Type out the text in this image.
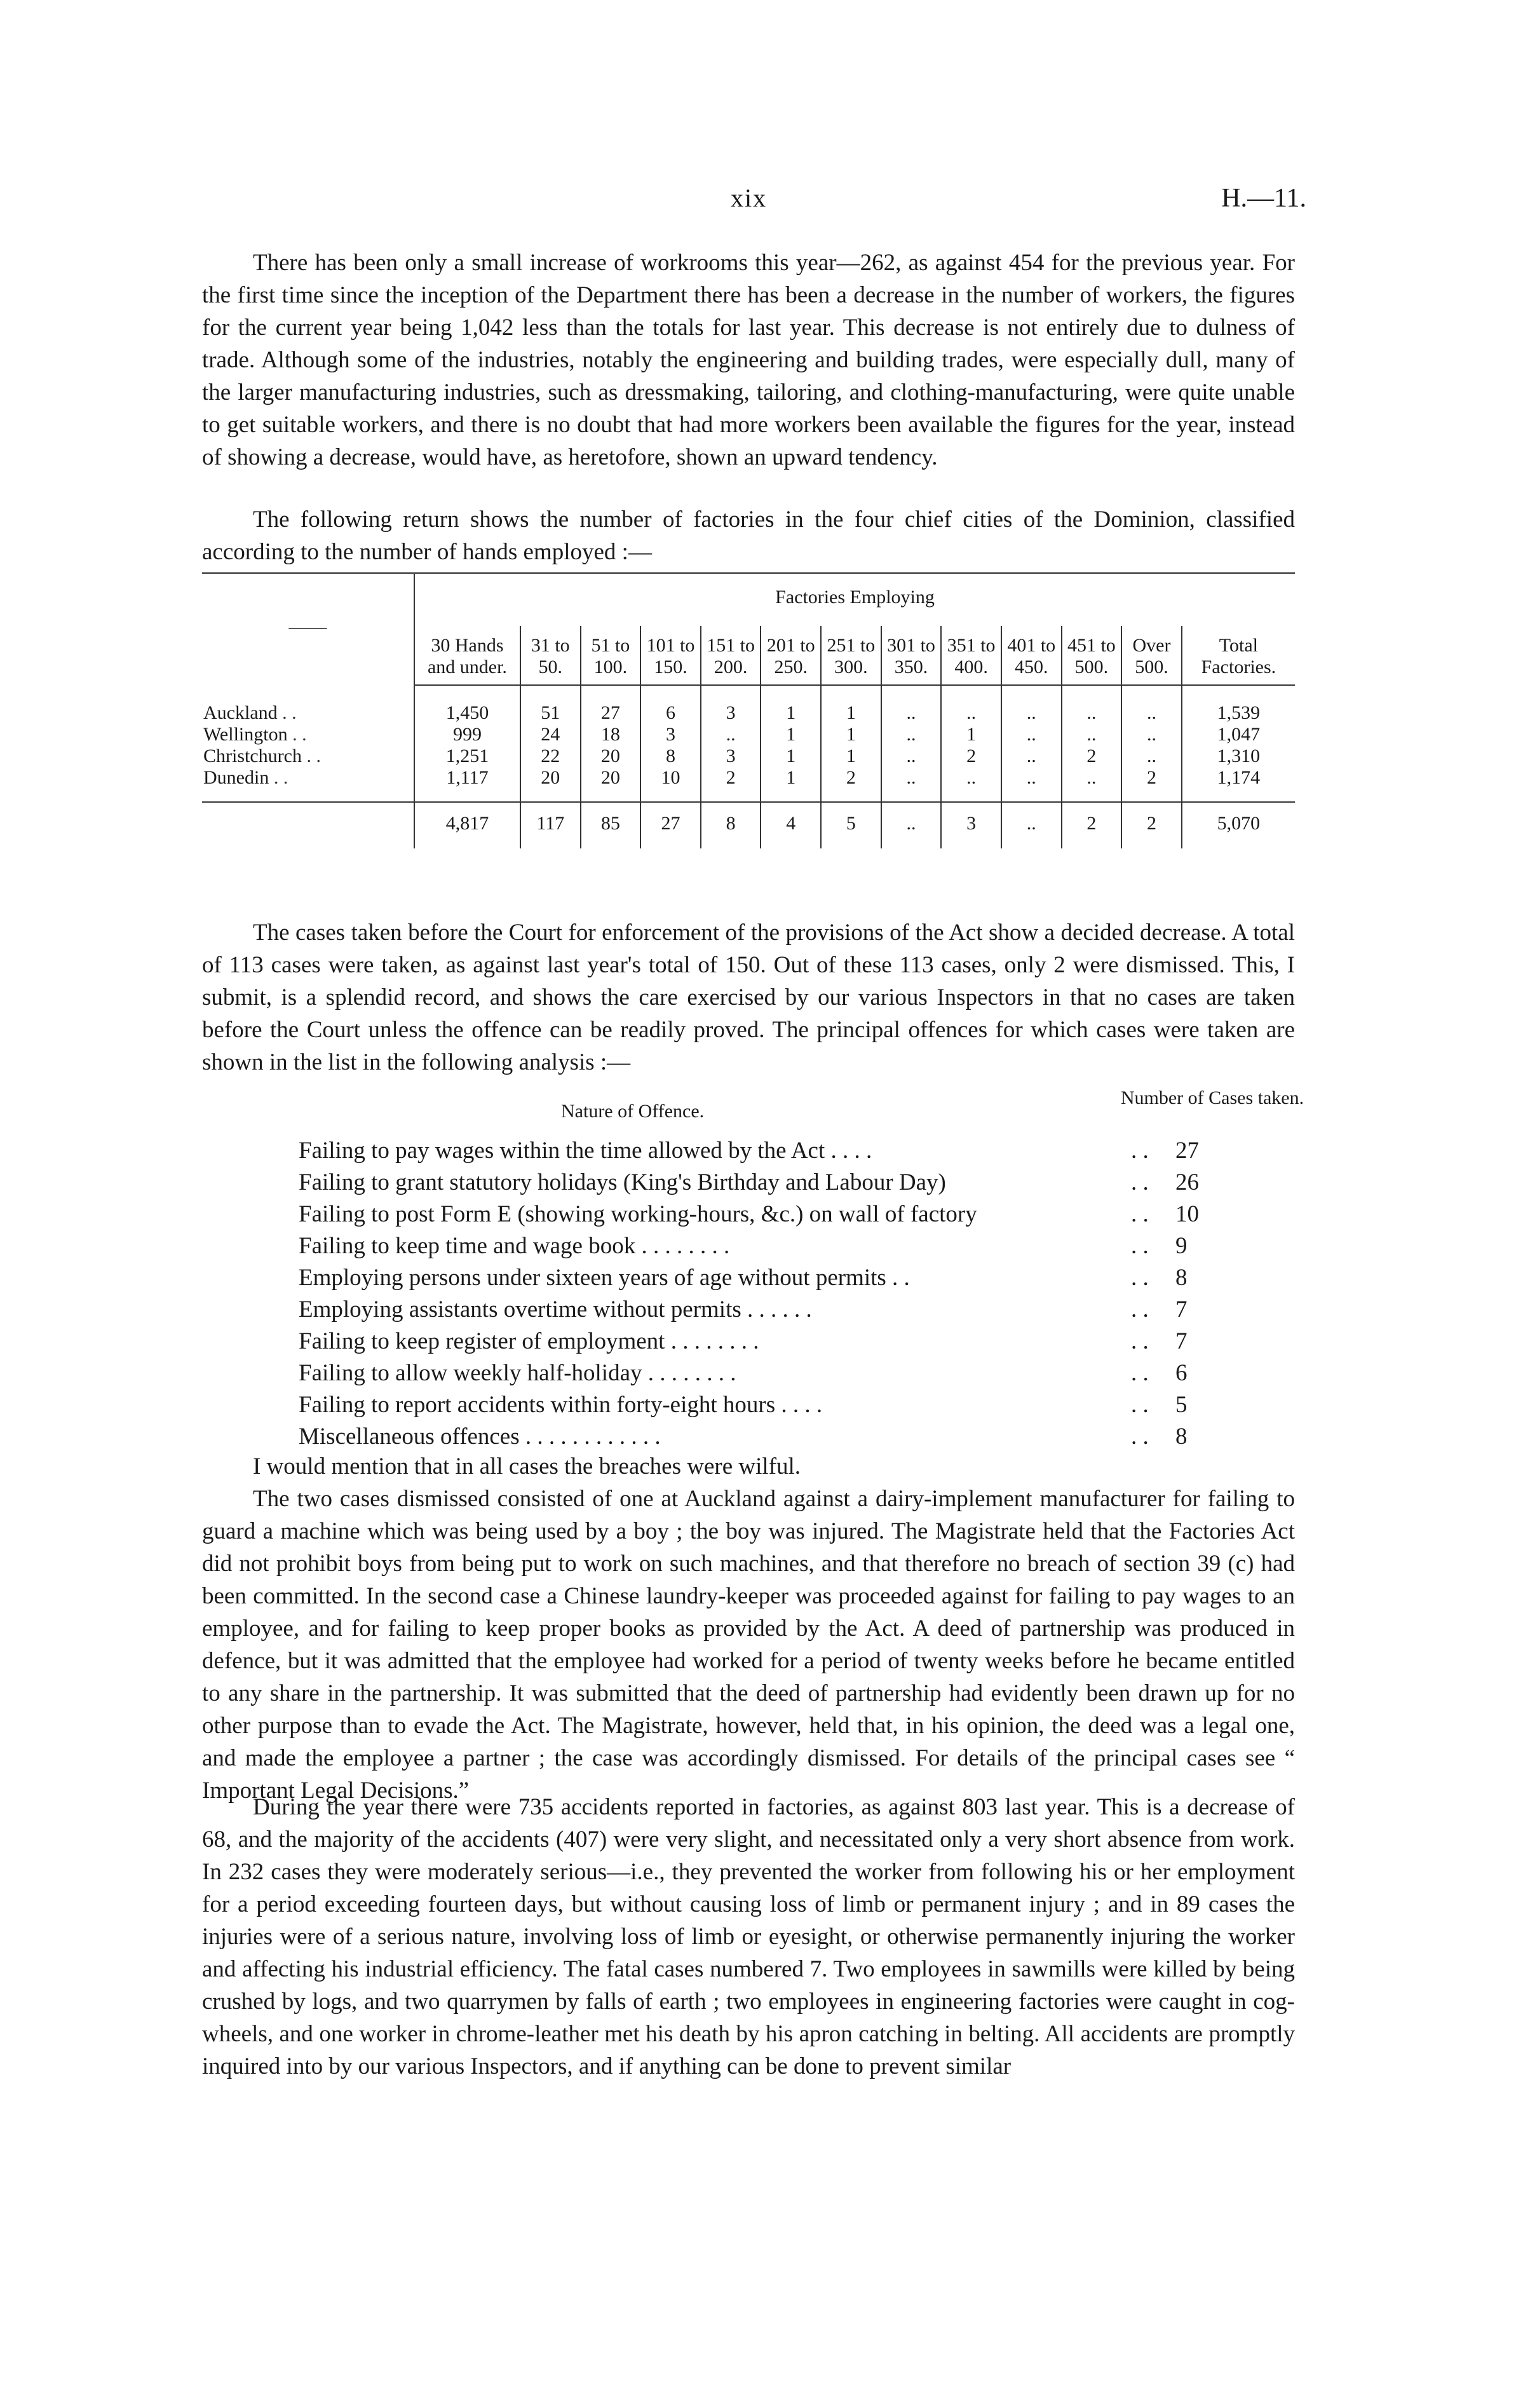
xix	H.—11.

There has been only a small increase of workrooms this year—262, as against 454 for the previous year. For the first time since the inception of the Department there has been a decrease in the number of workers, the figures for the current year being 1,042 less than the totals for last year. This decrease is not entirely due to dulness of trade. Although some of the industries, notably the engineering and building trades, were especially dull, many of the larger manufacturing industries, such as dressmaking, tailoring, and clothing-manufacturing, were quite unable to get suitable workers, and there is no doubt that had more workers been available the figures for the year, instead of showing a decrease, would have, as heretofore, shown an upward tendency.

The following return shows the number of factories in the four chief cities of the Dominion, classified according to the number of hands employed :—

——	Factories Employing												
	30 Hands and under.	31 to 50.	51 to 100.	101 to 150.	151 to 200.	201 to 250.	251 to 300.	301 to 350.	351 to 400.	401 to 450.	451 to 500.	Over 500.	Total Factories.
Auckland . .	1,450	51	27	6	3	1	1	..	..	..	..	..	1,539
Wellington . .	999	24	18	3	..	1	1	..	1	..	..	..	1,047
Christchurch . .	1,251	22	20	8	3	1	1	..	2	..	2	..	1,310
Dunedin . .	1,117	20	20	10	2	1	2	..	..	..	..	2	1,174

	4,817	117	85	27	8	4	5	..	3	..	2	2	5,070

The cases taken before the Court for enforcement of the provisions of the Act show a decided decrease. A total of 113 cases were taken, as against last year's total of 150. Out of these 113 cases, only 2 were dismissed. This, I submit, is a splendid record, and shows the care exercised by our various Inspectors in that no cases are taken before the Court unless the offence can be readily proved. The principal offences for which cases were taken are shown in the list in the following analysis :—

Nature of Offence.
Number of Cases taken.
Failing to pay wages within the time allowed by the Act . . . .	. . 27
Failing to grant statutory holidays (King's Birthday and Labour Day)	. . 26
Failing to post Form E (showing working-hours, &c.) on wall of factory	. . 10
Failing to keep time and wage book . . . . . . . .	. . 9
Employing persons under sixteen years of age without permits . .	. . 8
Employing assistants overtime without permits . . . . . .	. . 7
Failing to keep register of employment . . . . . . . .	. . 7
Failing to allow weekly half-holiday . . . . . . . .	. . 6
Failing to report accidents within forty-eight hours . . . .	. . 5
Miscellaneous offences . . . . . . . . . . . .	. . 8

I would mention that in all cases the breaches were wilful.

The two cases dismissed consisted of one at Auckland against a dairy-implement manufacturer for failing to guard a machine which was being used by a boy ; the boy was injured. The Magistrate held that the Factories Act did not prohibit boys from being put to work on such machines, and that therefore no breach of section 39 (c) had been committed. In the second case a Chinese laundry-keeper was proceeded against for failing to pay wages to an employee, and for failing to keep proper books as provided by the Act. A deed of partnership was produced in defence, but it was admitted that the employee had worked for a period of twenty weeks before he became entitled to any share in the partnership. It was submitted that the deed of partnership had evidently been drawn up for no other purpose than to evade the Act. The Magistrate, however, held that, in his opinion, the deed was a legal one, and made the employee a partner ; the case was accordingly dismissed. For details of the principal cases see “ Important Legal Decisions.”

During the year there were 735 accidents reported in factories, as against 803 last year. This is a decrease of 68, and the majority of the accidents (407) were very slight, and necessitated only a very short absence from work. In 232 cases they were moderately serious—i.e., they prevented the worker from following his or her employment for a period exceeding fourteen days, but without causing loss of limb or permanent injury ; and in 89 cases the injuries were of a serious nature, involving loss of limb or eyesight, or otherwise permanently injuring the worker and affecting his industrial efficiency. The fatal cases numbered 7. Two employees in sawmills were killed by being crushed by logs, and two quarrymen by falls of earth ; two employees in engineering factories were caught in cog-wheels, and one worker in chrome-leather met his death by his apron catching in belting. All accidents are promptly inquired into by our various Inspectors, and if anything can be done to prevent similar
